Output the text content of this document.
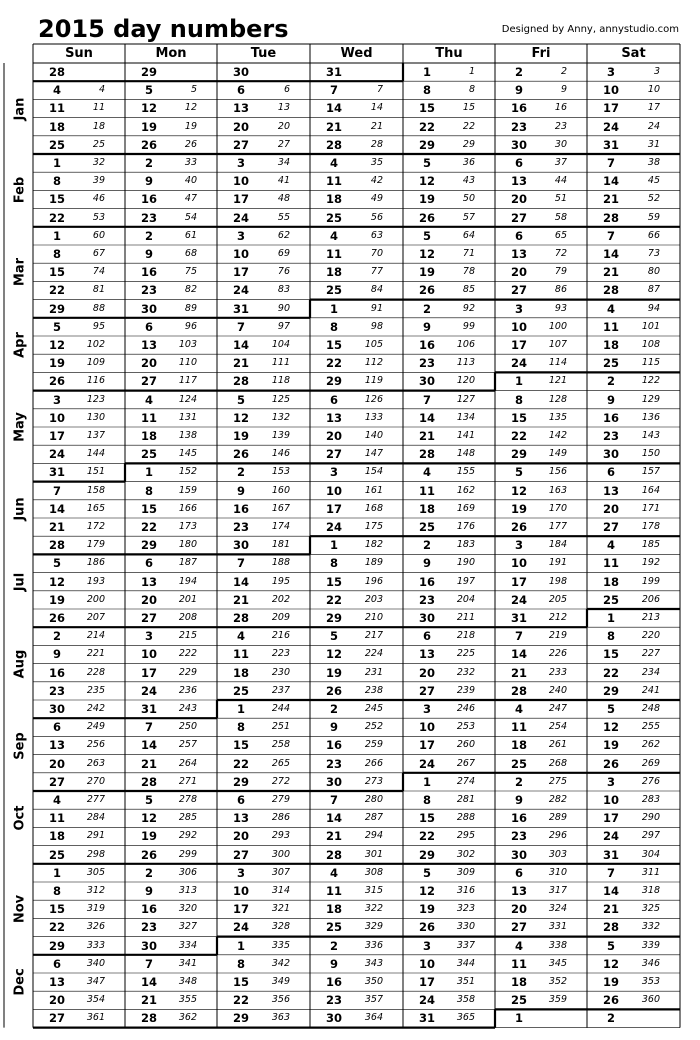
2015 day numbers	Designed by Anny, annystudio.com
Sun	Mon	Tue	Wed	Thu	Fri	Sat
28	29	30	31	1	1	2	2	3	3
4	4	5	5	6	6	7	7	8	8	9	9	10	10
11	11	12	12	13	13	14	14	15	15	16	16	17	17
18	18	19	19	20	20	21	21	22	22	23	23	24	24
25	25	26	26	27	27	28	28	29	29	30	30	31	31
1	32	2	33	3	34	4	35	5	36	6	37	7	38
8	39	9	40	10	41	11	42	12	43	13	44	14	45
15	46	16	47	17	48	18	49	19	50	20	51	21	52
22	53	23	54	24	55	25	56	26	57	27	58	28	59
1	60	2	61	3	62	4	63	5	64	6	65	7	66
8	67	9	68	10	69	11	70	12	71	13	72	14	73
15	74	16	75	17	76	18	77	19	78	20	79	21	80
22	81	23	82	24	83	25	84	26	85	27	86	28	87
29	88	30	89	31	90	1	91	2	92	3	93	4	94
5	95	6	96	7	97	8	98	9	99	10	100	11	101
12	102	13	103	14	104	15	105	16	106	17	107	18	108
19	109	20	110	21	111	22	112	23	113	24	114	25	115
26	116	27	117	28	118	29	119	30	120	1	121	2	122
3	123	4	124	5	125	6	126	7	127	8	128	9	129
10	130	11	131	12	132	13	133	14	134	15	135	16	136
17	137	18	138	19	139	20	140	21	141	22	142	23	143
24	144	25	145	26	146	27	147	28	148	29	149	30	150
31	151	1	152	2	153	3	154	4	155	5	156	6	157
7	158	8	159	9	160	10	161	11	162	12	163	13	164
14	165	15	166	16	167	17	168	18	169	19	170	20	171
21	172	22	173	23	174	24	175	25	176	26	177	27	178
28	179	29	180	30	181	1	182	2	183	3	184	4	185
5	186	6	187	7	188	8	189	9	190	10	191	11	192
12	193	13	194	14	195	15	196	16	197	17	198	18	199
19	200	20	201	21	202	22	203	23	204	24	205	25	206
26	207	27	208	28	209	29	210	30	211	31	212	1	213
2	214	3	215	4	216	5	217	6	218	7	219	8	220
9	221	10	222	11	223	12	224	13	225	14	226	15	227
16	228	17	229	18	230	19	231	20	232	21	233	22	234
23	235	24	236	25	237	26	238	27	239	28	240	29	241
30	242	31	243	1	244	2	245	3	246	4	247	5	248
6	249	7	250	8	251	9	252	10	253	11	254	12	255
13	256	14	257	15	258	16	259	17	260	18	261	19	262
20	263	21	264	22	265	23	266	24	267	25	268	26	269
27	270	28	271	29	272	30	273	1	274	2	275	3	276
4	277	5	278	6	279	7	280	8	281	9	282	10	283
11	284	12	285	13	286	14	287	15	288	16	289	17	290
18	291	19	292	20	293	21	294	22	295	23	296	24	297
25	298	26	299	27	300	28	301	29	302	30	303	31	304
1	305	2	306	3	307	4	308	5	309	6	310	7	311
8	312	9	313	10	314	11	315	12	316	13	317	14	318
15	319	16	320	17	321	18	322	19	323	20	324	21	325
22	326	23	327	24	328	25	329	26	330	27	331	28	332
29	333	30	334	1	335	2	336	3	337	4	338	5	339
6	340	7	341	8	342	9	343	10	344	11	345	12	346
13	347	14	348	15	349	16	350	17	351	18	352	19	353
20	354	21	355	22	356	23	357	24	358	25	359	26	360
27	361	28	362	29	363	30	364	31	365	1	2
Jan
Feb
Mar
Apr
May
Jun
Jul
Aug
Sep
Oct
Nov
Dec
